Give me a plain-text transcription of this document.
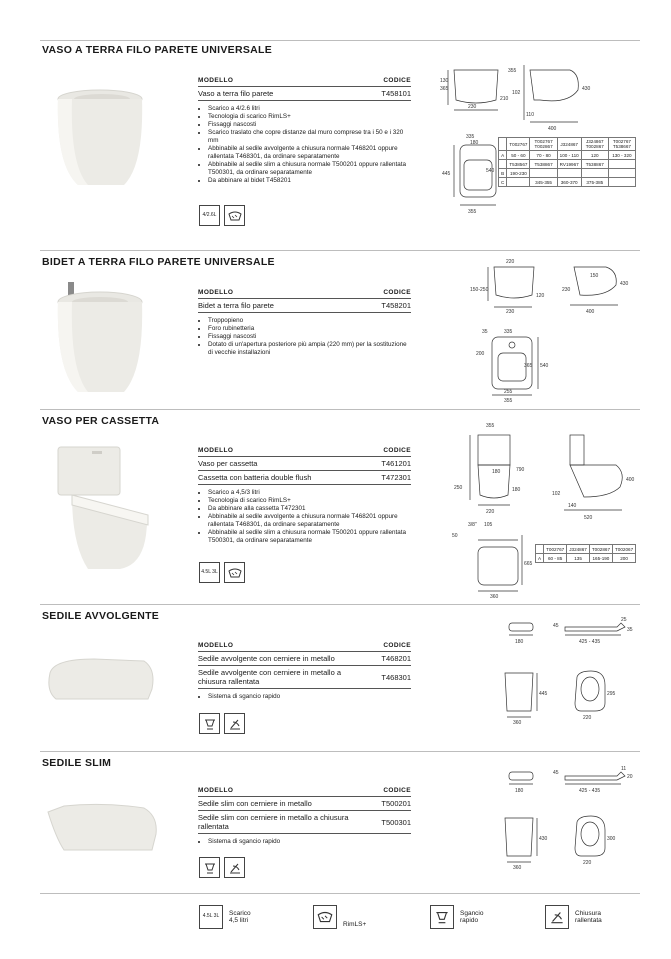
VASO A TERRA FILO PARETE UNIVERSALE
MODELLO	CODICE
Vaso a terra filo parete	T458101
• Scarico a 4/2.6 litri
• Tecnologia di scarico RimLS+
• Fissaggi nascosti
• Scarico traslato che copre distanze dal muro comprese tra i 50 e i 320 mm
• Abbinabile al sedile avvolgente a chiusura normale T468201 oppure rallentata T468301, da ordinare separatamente
• Abbinabile al sedile slim a chiusura normale T500201 oppure rallentata T500301, da ordinare separatamente
• Da abbinare al bidet T458201
4/2.6L
365
130
230
210
355
430
102
110
400
335
180
445	540
355
	T002767	T002767 T002867	J324867	J324867 T002867	T002767 T538667
A	50 - 60	70 - 80	100 - 110	120	130 - 320
	T538567	T538867	RV19967	T538867	
B	190-230				
C		345-355	360-370	375-385	
BIDET A TERRA FILO PARETE UNIVERSALE
MODELLO	CODICE
Bidet a terra filo parete	T458201
• Troppopieno
• Foro rubinetteria
• Fissaggi nascosti
• Dotato di un'apertura posteriore più ampia (220 mm) per la sostituzione di vecchie installazioni
220
150-250
230
120
230
150
400
430
35	335
200
365 540
255
355
VASO PER CASSETTA
MODELLO	CODICE
Vaso per cassetta	T461201
Cassetta con batteria double flush	T472301
• Scarico a 4,5/3 litri
• Tecnologia di scarico RimLS+
• Da abbinare alla cassetta T472301
• Abbinabile al sedile avvolgente a chiusura normale T468201 oppure rallentata T468301, da ordinare separatamente
• Abbinabile al sedile slim a chiusura normale T500201 oppure rallentata T500301, da ordinare separatamente
4.5L 3L
355
180	790
250
220
180
102
400
140
520
3/8"
50
105
665
360
	T002767	J324867	T002867	T002067
A	60 - 85	135	165-190	200
SEDILE AVVOLGENTE
MODELLO	CODICE
Sedile avvolgente con cerniere in metallo	T468201
Sedile avvolgente con cerniere in metallo a chiusura rallentata	T468301
• Sistema di sgancio rapido
180
45
425 - 435
25
35
445
360
295
220
SEDILE SLIM
MODELLO	CODICE
Sedile slim con cerniere in metallo	T500201
Sedile slim con cerniere in metallo a chiusura rallentata	T500301
• Sistema di sgancio rapido
180
45
425 - 435
11
20
430
360
300
220
4.5L 3L	Scarico 4,5 litri	RimLS+
Sgancio rapido
Chiusura rallentata
